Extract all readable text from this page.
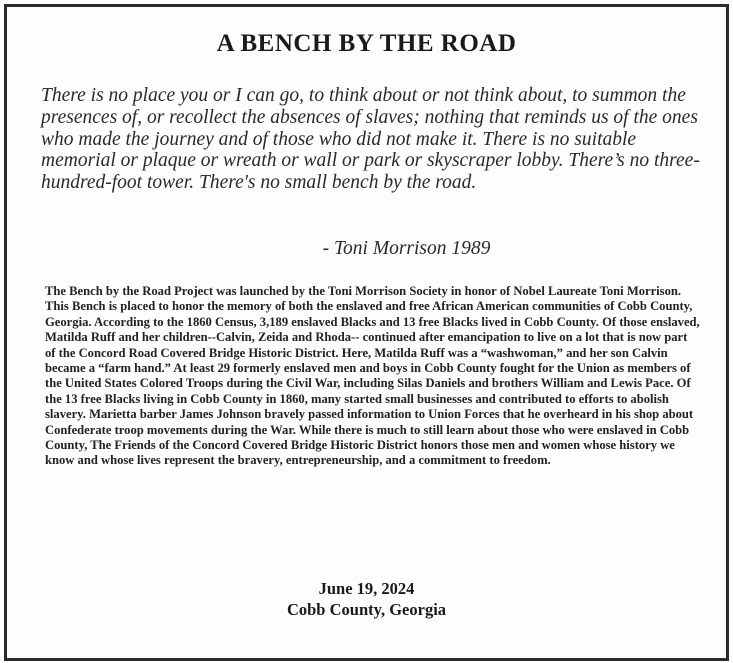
A BENCH BY THE ROAD

There is no place you or I can go, to think about or not think about, to summon the presences of, or recollect the absences of slaves; nothing that reminds us of the ones who made the journey and of those who did not make it. There is no suitable memorial or plaque or wreath or wall or park or skyscraper lobby. There’s no three-hundred-foot tower. There's no small bench by the road.

- Toni Morrison 1989

The Bench by the Road Project was launched by the Toni Morrison Society in honor of Nobel Laureate Toni Morrison. This Bench is placed to honor the memory of both the enslaved and free African American communities of Cobb County, Georgia. According to the 1860 Census, 3,189 enslaved Blacks and 13 free Blacks lived in Cobb County. Of those enslaved, Matilda Ruff and her children--Calvin, Zeida and Rhoda-- continued after emancipation to live on a lot that is now part of the Concord Road Covered Bridge Historic District. Here, Matilda Ruff was a “washwoman,” and her son Calvin became a “farm hand.” At least 29 formerly enslaved men and boys in Cobb County fought for the Union as members of the United States Colored Troops during the Civil War, including Silas Daniels and brothers William and Lewis Pace. Of the 13 free Blacks living in Cobb County in 1860, many started small businesses and contributed to efforts to abolish slavery. Marietta barber James Johnson bravely passed information to Union Forces that he overheard in his shop about Confederate troop movements during the War. While there is much to still learn about those who were enslaved in Cobb County, The Friends of the Concord Covered Bridge Historic District honors those men and women whose history we know and whose lives represent the bravery, entrepreneurship, and a commitment to freedom.

June 19, 2024
Cobb County, Georgia
